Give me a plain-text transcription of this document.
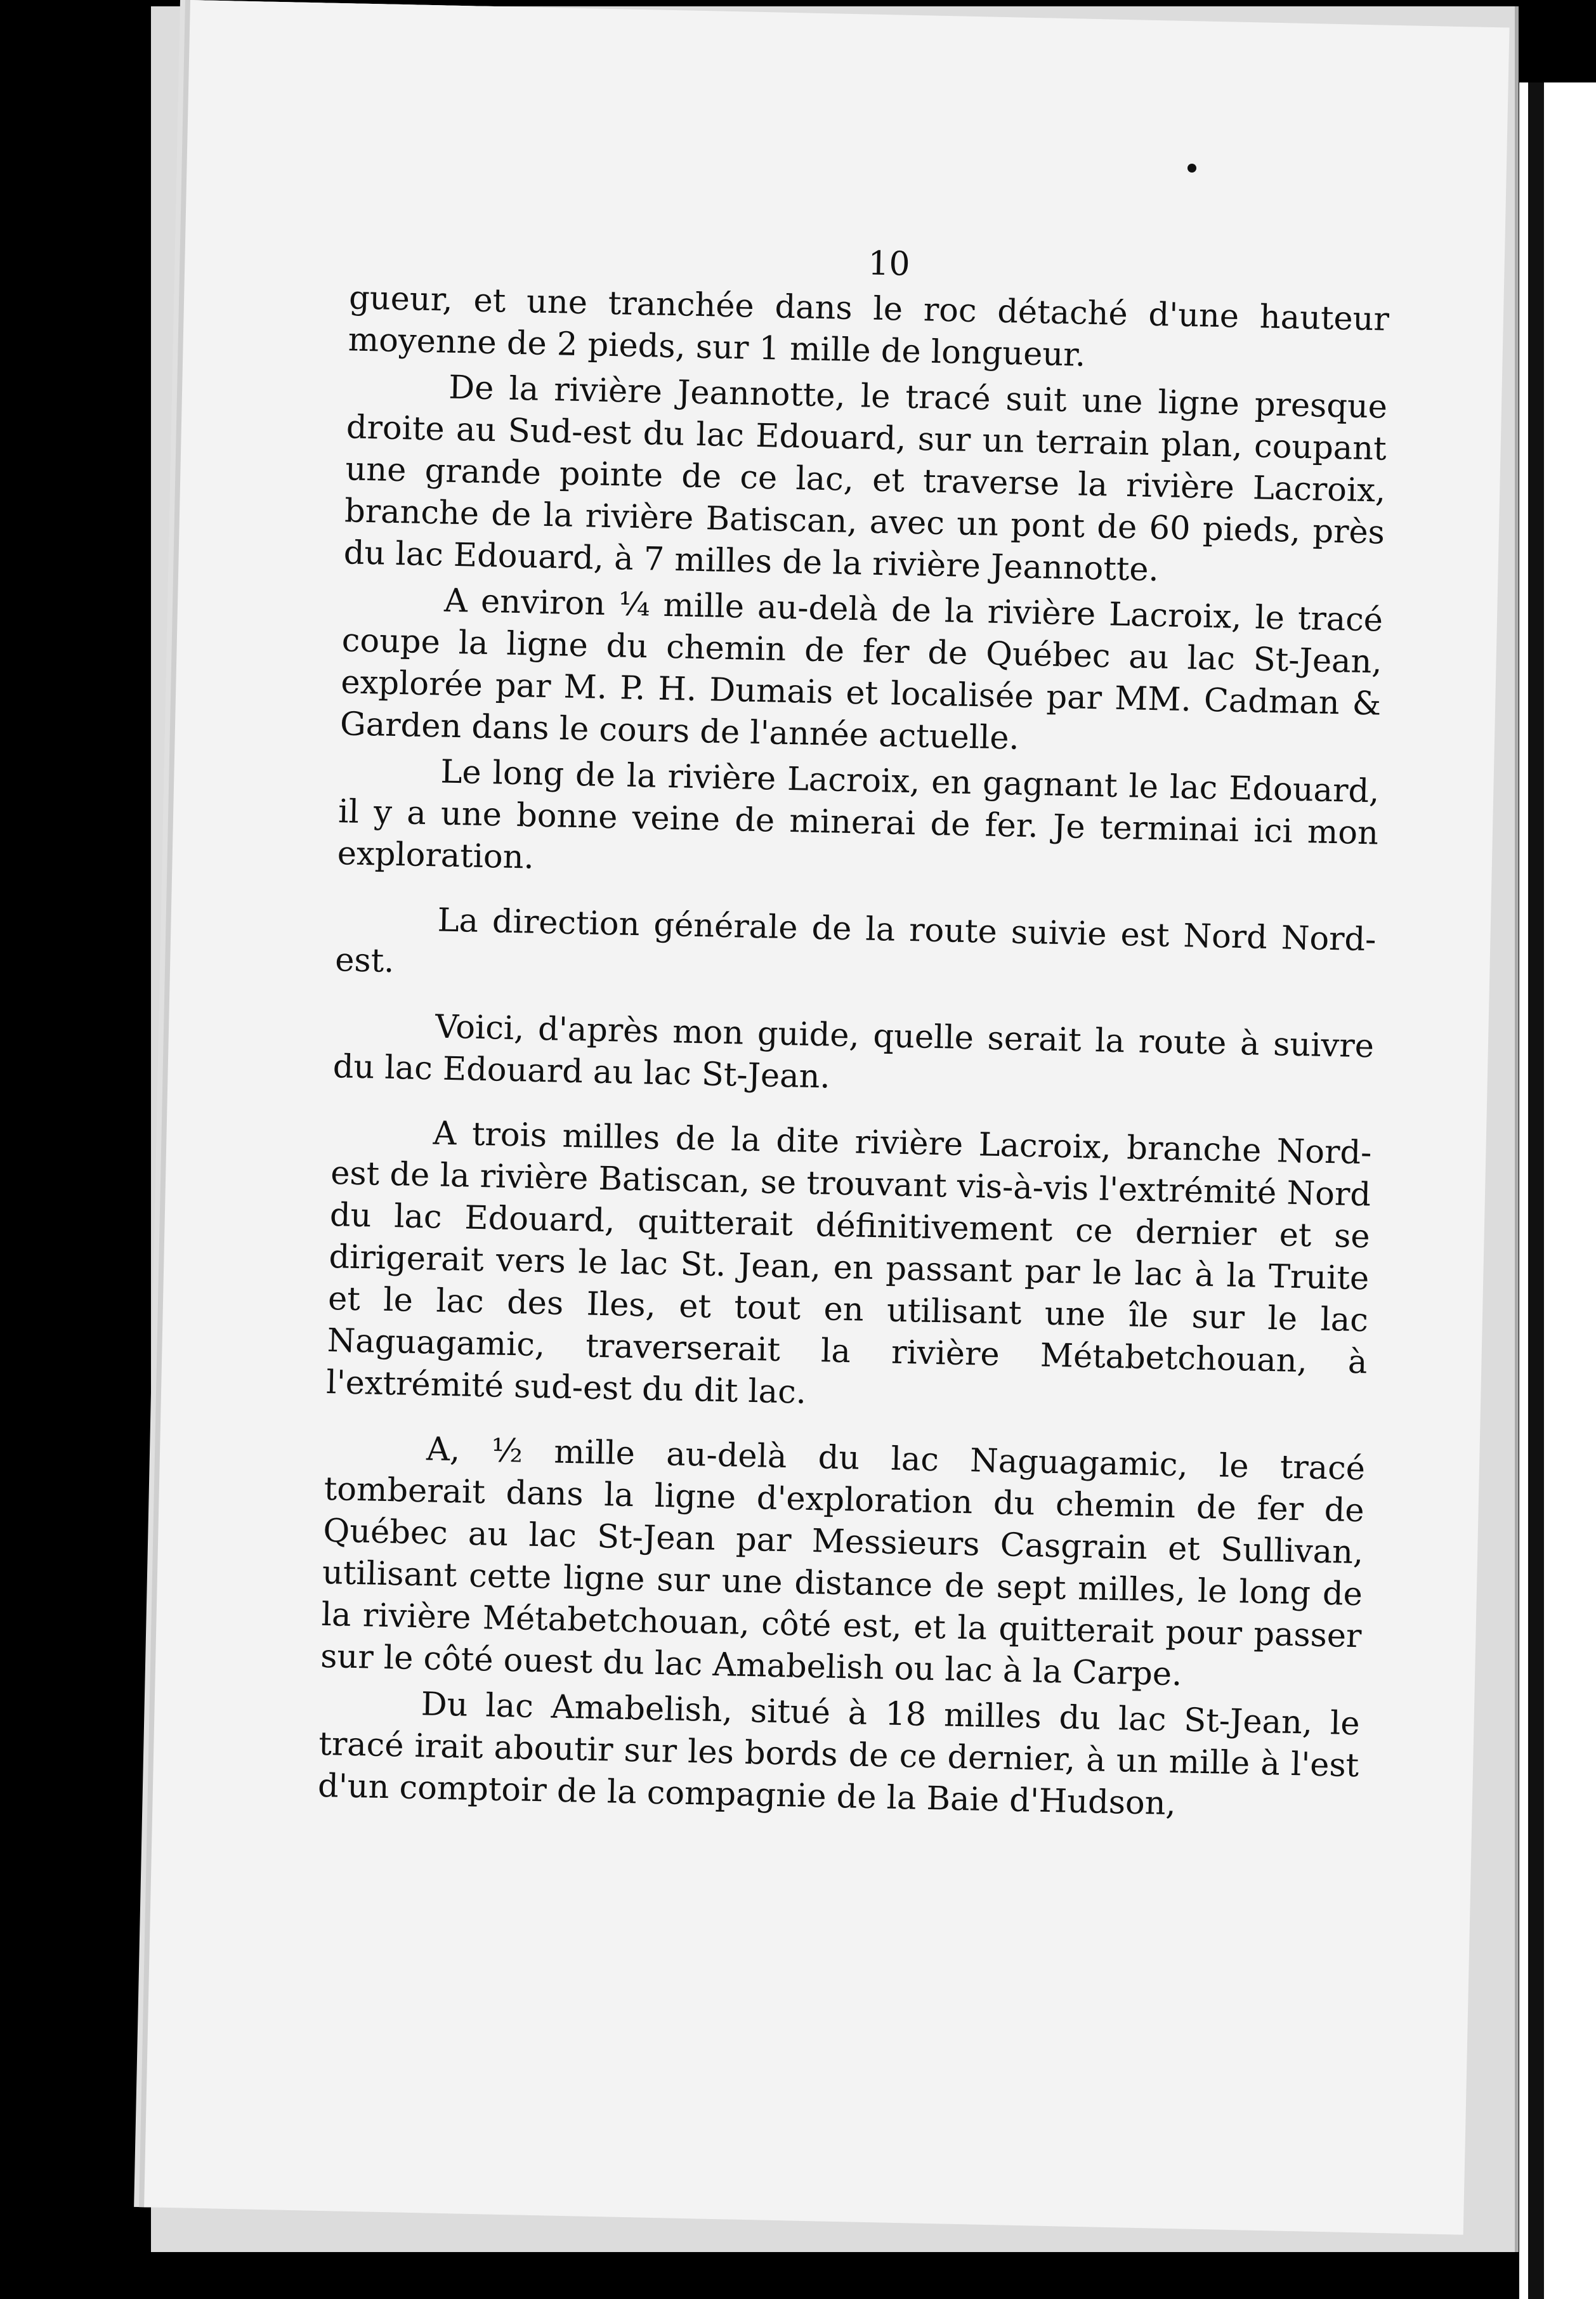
10

gueur, et une tranchée dans le roc détaché d'une hauteur moyenne de 2 pieds, sur 1 mille de longueur.

De la rivière Jeannotte, le tracé suit une ligne presque droite au Sud-est du lac Edouard, sur un terrain plan, coupant une grande pointe de ce lac, et traverse la rivière Lacroix, branche de la rivière Batiscan, avec un pont de 60 pieds, près du lac Edouard, à 7 milles de la rivière Jeannotte.

A environ ¼ mille au-delà de la rivière Lacroix, le tracé coupe la ligne du chemin de fer de Québec au lac St-Jean, explorée par M. P. H. Dumais et localisée par MM. Cadman & Garden dans le cours de l'année actuelle.

Le long de la rivière Lacroix, en gagnant le lac Edouard, il y a une bonne veine de minerai de fer. Je terminai ici mon exploration.

La direction générale de la route suivie est Nord Nord-est.

Voici, d'après mon guide, quelle serait la route à suivre du lac Edouard au lac St-Jean.

A trois milles de la dite rivière Lacroix, branche Nord-est de la rivière Batiscan, se trouvant vis-à-vis l'extrémité Nord du lac Edouard, quitterait définitivement ce dernier et se dirigerait vers le lac St. Jean, en passant par le lac à la Truite et le lac des Iles, et tout en utilisant une île sur le lac Naguagamic, traverserait la rivière Métabetchouan, à l'extrémité sud-est du dit lac.

A, ½ mille au-delà du lac Naguagamic, le tracé tomberait dans la ligne d'exploration du chemin de fer de Québec au lac St-Jean par Messieurs Casgrain et Sullivan, utilisant cette ligne sur une distance de sept milles, le long de la rivière Métabetchouan, côté est, et la quitterait pour passer sur le côté ouest du lac Amabelish ou lac à la Carpe.

Du lac Amabelish, situé à 18 milles du lac St-Jean, le tracé irait aboutir sur les bords de ce dernier, à un mille à l'est d'un comptoir de la compagnie de la Baie d'Hudson,
